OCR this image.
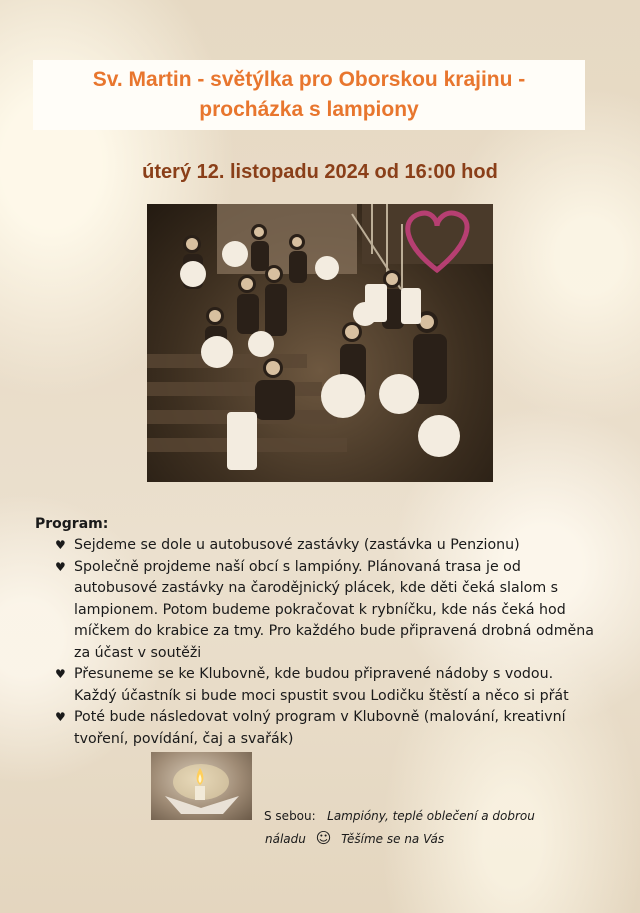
Sv. Martin - světýlka pro Oborskou krajinu -
procházka s lampiony
úterý 12. listopadu 2024 od 16:00 hod
Program:
♥ Sejdeme se dole u autobusové zastávky (zastávka u Penzionu)
♥ Společně projdeme naší obcí s lampióny. Plánovaná trasa je od autobusové zastávky na čarodějnický plácek, kde děti čeká slalom s lampionem. Potom budeme pokračovat k rybníčku, kde nás čeká hod míčkem do krabice za tmy. Pro každého bude připravená drobná odměna za účast v soutěži
♥ Přesuneme se ke Klubovně, kde budou připravené nádoby s vodou. Každý účastník si bude moci spustit svou Lodičku štěstí a něco si přát
♥ Poté bude následovat volný program v Klubovně (malování, kreativní tvoření, povídání, čaj a svařák)
S sebou: Lampióny, teplé oblečení a dobrou
náladu ☺ Těšíme se na Vás
